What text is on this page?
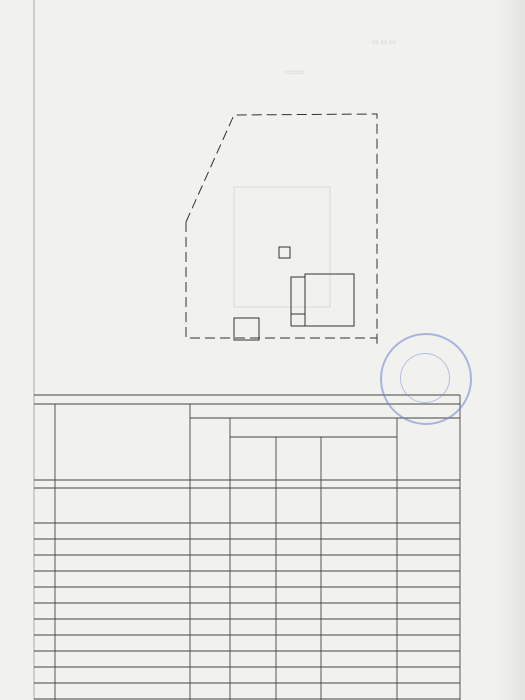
▭ ▭ ▭
▭▭▭
